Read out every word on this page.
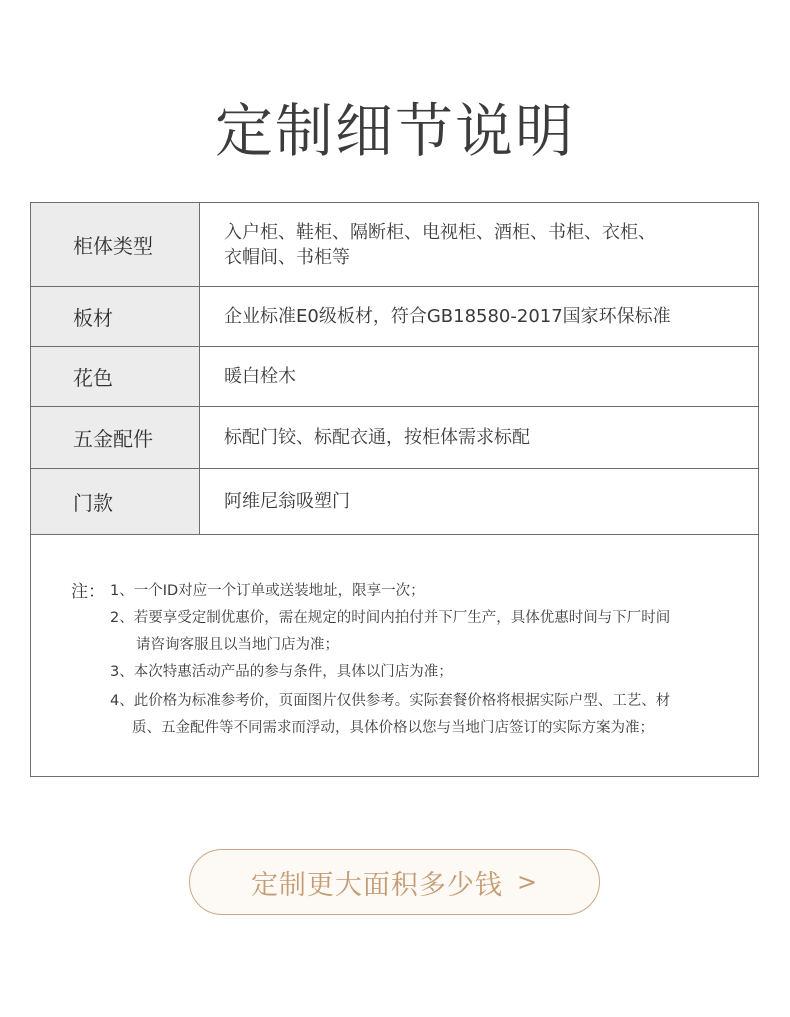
定制细节说明
柜体类型	入户柜、鞋柜、隔断柜、电视柜、酒柜、书柜、衣柜、
衣帽间、书柜等

板材	企业标准E0级板材，符合GB18580-2017国家环保标准

花色	暖白栓木

五金配件	标配门铰、标配衣通，按柜体需求标配

门款	阿维尼翁吸塑门
注： 1、一个ID对应一个订单或送装地址，限享一次；
2、若要享受定制优惠价，需在规定的时间内拍付并下厂生产，具体优惠时间与下厂时间
请咨询客服且以当地门店为准；
3、本次特惠活动产品的参与条件，具体以门店为准；
4、此价格为标准参考价，页面图片仅供参考。实际套餐价格将根据实际户型、工艺、材
质、五金配件等不同需求而浮动，具体价格以您与当地门店签订的实际方案为准；
定制更大面积多少钱 >
